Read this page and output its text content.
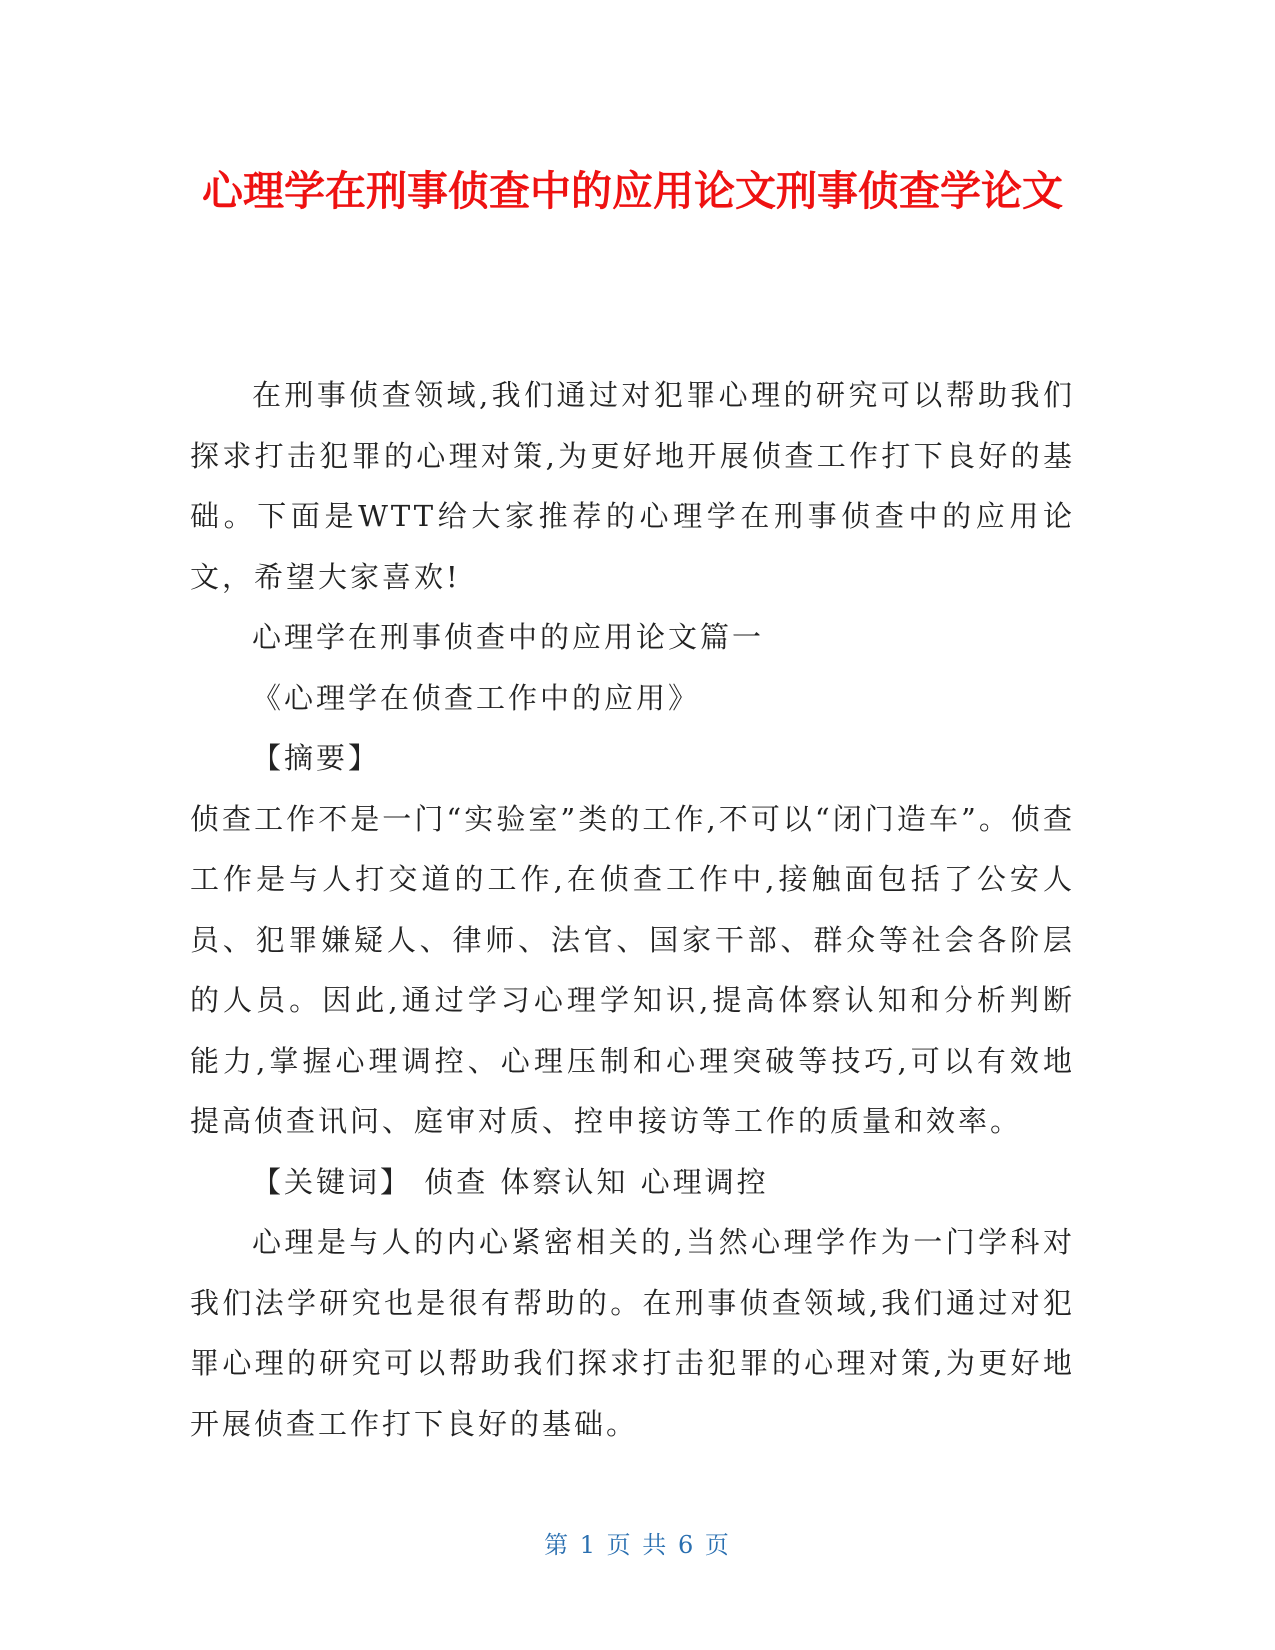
心理学在刑事侦查中的应用论文刑事侦查学论文

在刑事侦查领域,我们通过对犯罪心理的研究可以帮助我们探求打击犯罪的心理对策,为更好地开展侦查工作打下良好的基础。下面是WTT给大家推荐的心理学在刑事侦查中的应用论文，希望大家喜欢!

心理学在刑事侦查中的应用论文篇一

《心理学在侦查工作中的应用》

【摘要】

侦查工作不是一门“实验室”类的工作,不可以“闭门造车”。侦查工作是与人打交道的工作,在侦查工作中,接触面包括了公安人员、犯罪嫌疑人、律师、法官、国家干部、群众等社会各阶层的人员。因此,通过学习心理学知识,提高体察认知和分析判断能力,掌握心理调控、心理压制和心理突破等技巧,可以有效地提高侦查讯问、庭审对质、控申接访等工作的质量和效率。

【关键词】 侦查 体察认知 心理调控

心理是与人的内心紧密相关的,当然心理学作为一门学科对我们法学研究也是很有帮助的。在刑事侦查领域,我们通过对犯罪心理的研究可以帮助我们探求打击犯罪的心理对策,为更好地开展侦查工作打下良好的基础。

第 1 页 共 6 页
